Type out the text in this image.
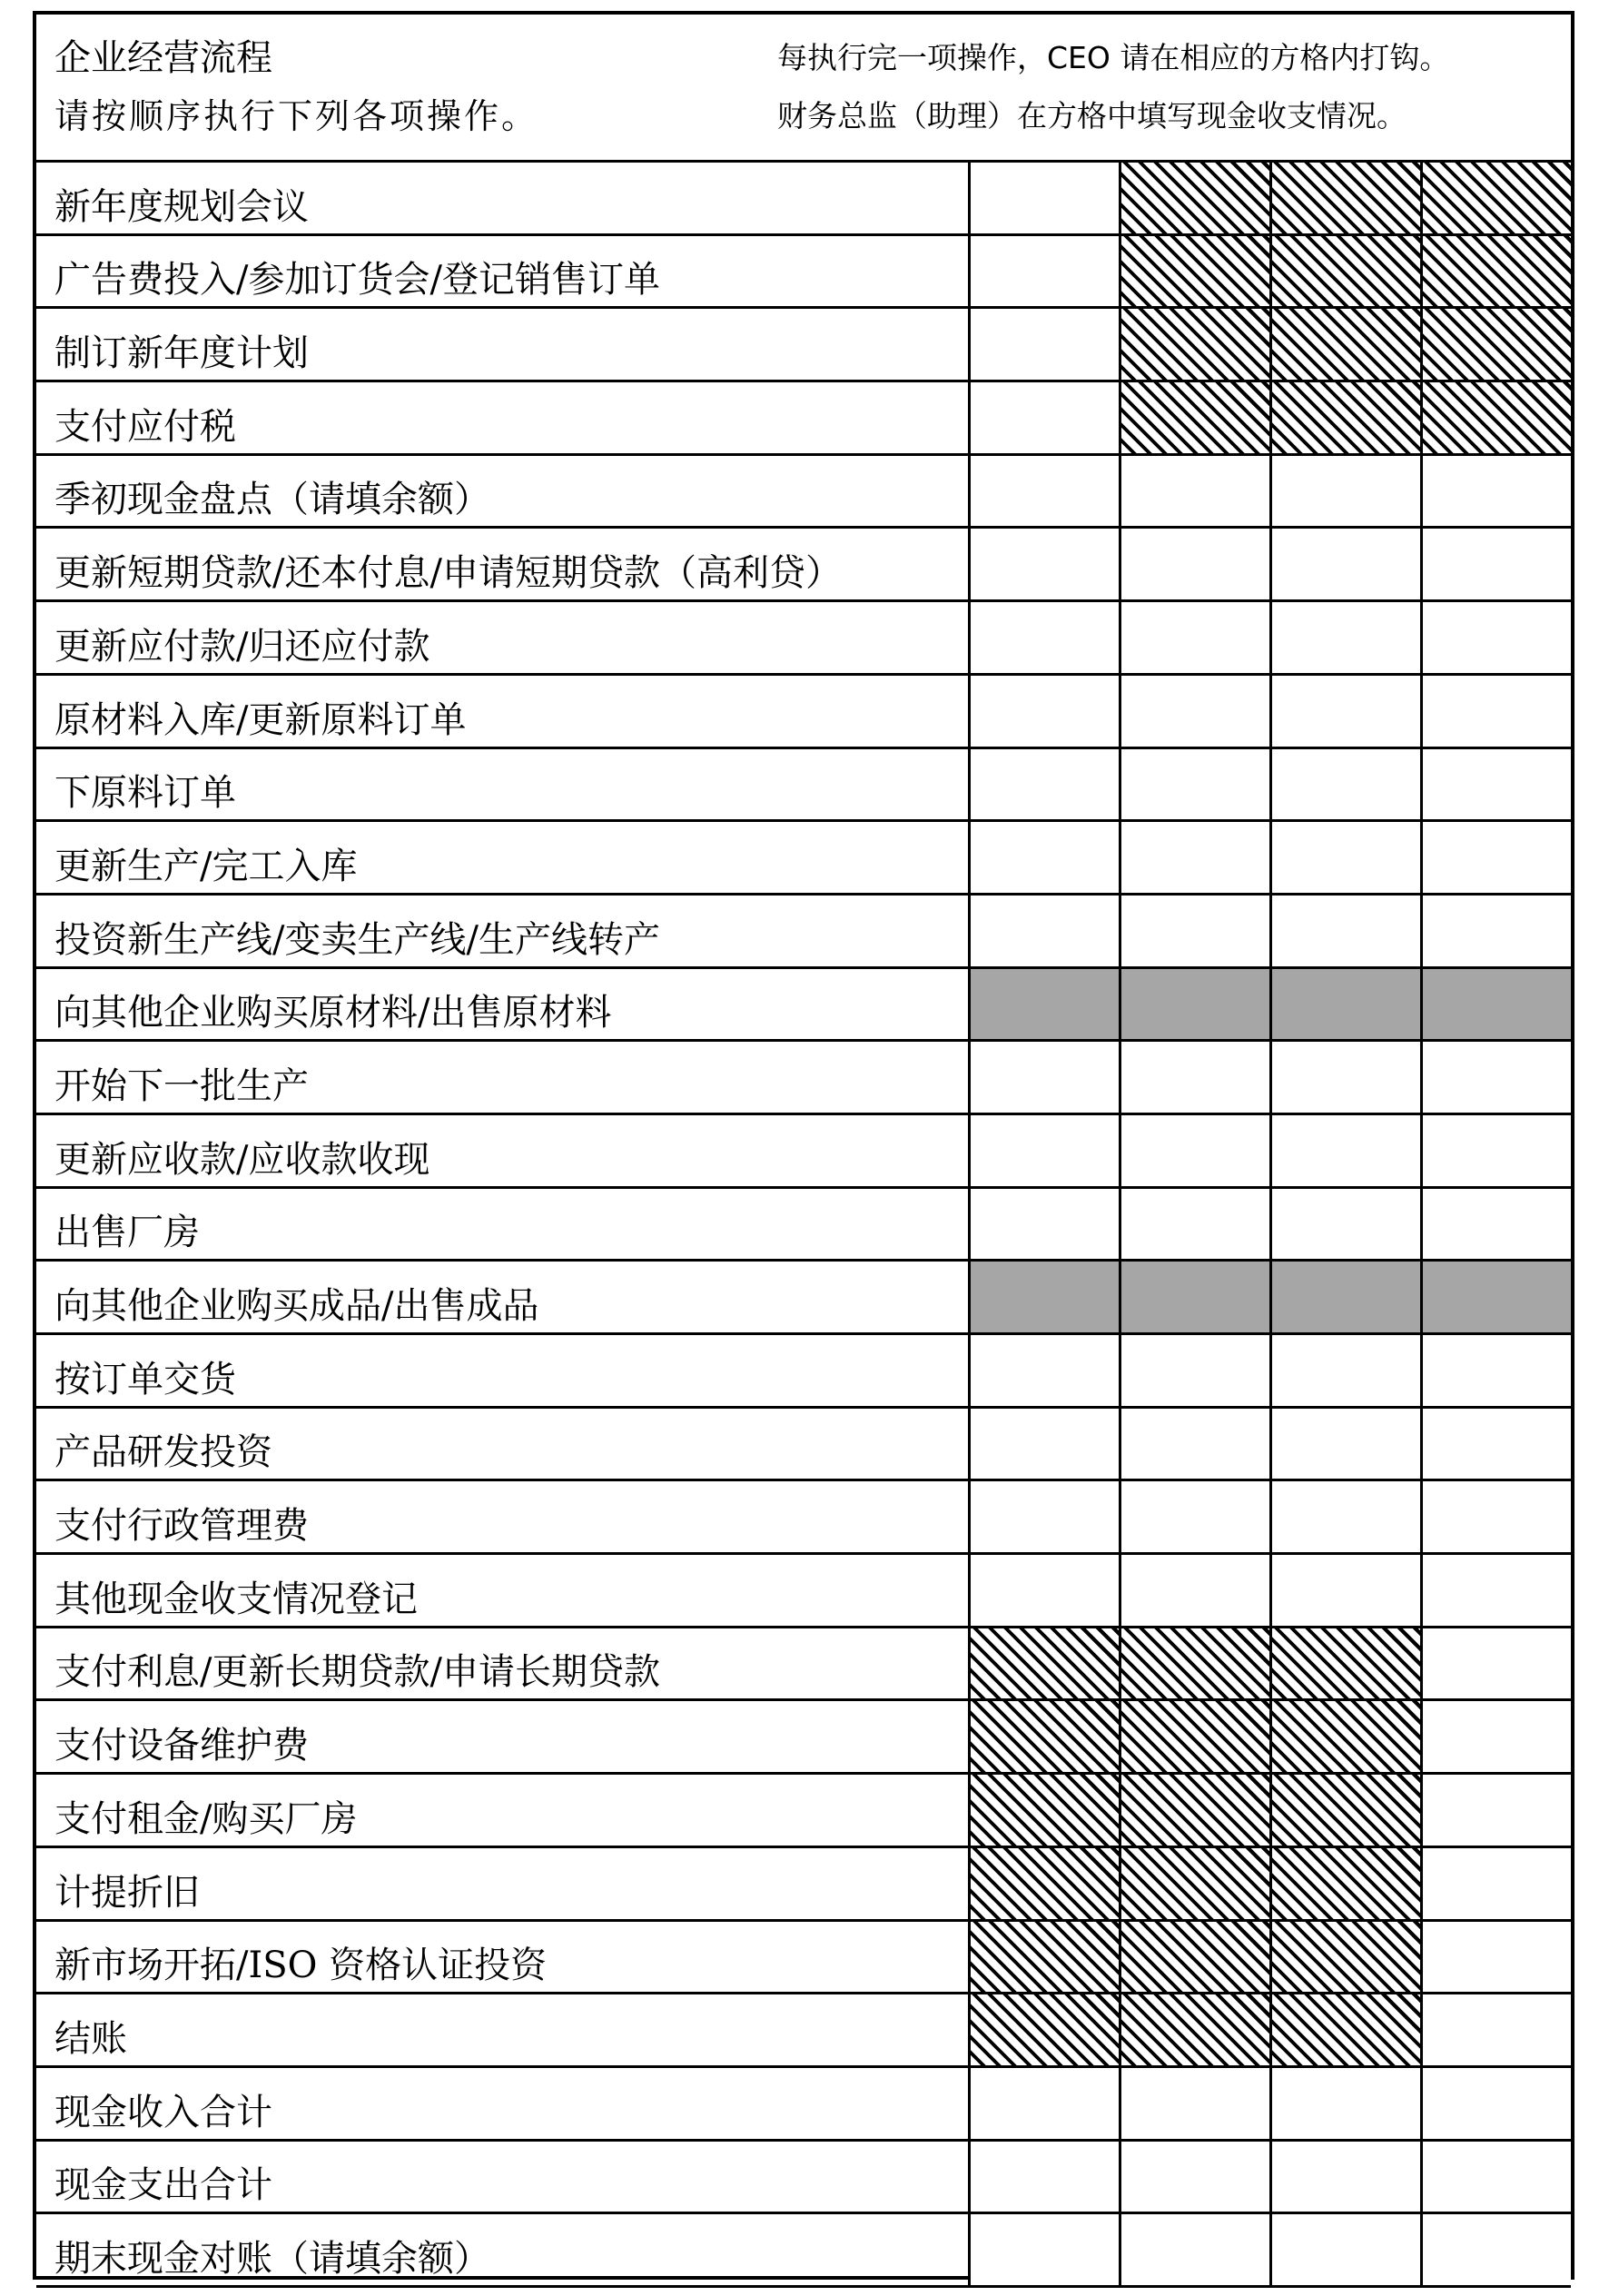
企业经营流程
请按顺序执行下列各项操作。
每执行完一项操作，CEO 请在相应的方格内打钩。
财务总监（助理）在方格中填写现金收支情况。
新年度规划会议
广告费投入/参加订货会/登记销售订单
制订新年度计划
支付应付税
季初现金盘点（请填余额）
更新短期贷款/还本付息/申请短期贷款（高利贷）
更新应付款/归还应付款
原材料入库/更新原料订单
下原料订单
更新生产/完工入库
投资新生产线/变卖生产线/生产线转产
向其他企业购买原材料/出售原材料
开始下一批生产
更新应收款/应收款收现
出售厂房
向其他企业购买成品/出售成品
按订单交货
产品研发投资
支付行政管理费
其他现金收支情况登记
支付利息/更新长期贷款/申请长期贷款
支付设备维护费
支付租金/购买厂房
计提折旧
新市场开拓/ISO 资格认证投资
结账
现金收入合计
现金支出合计
期末现金对账（请填余额）
